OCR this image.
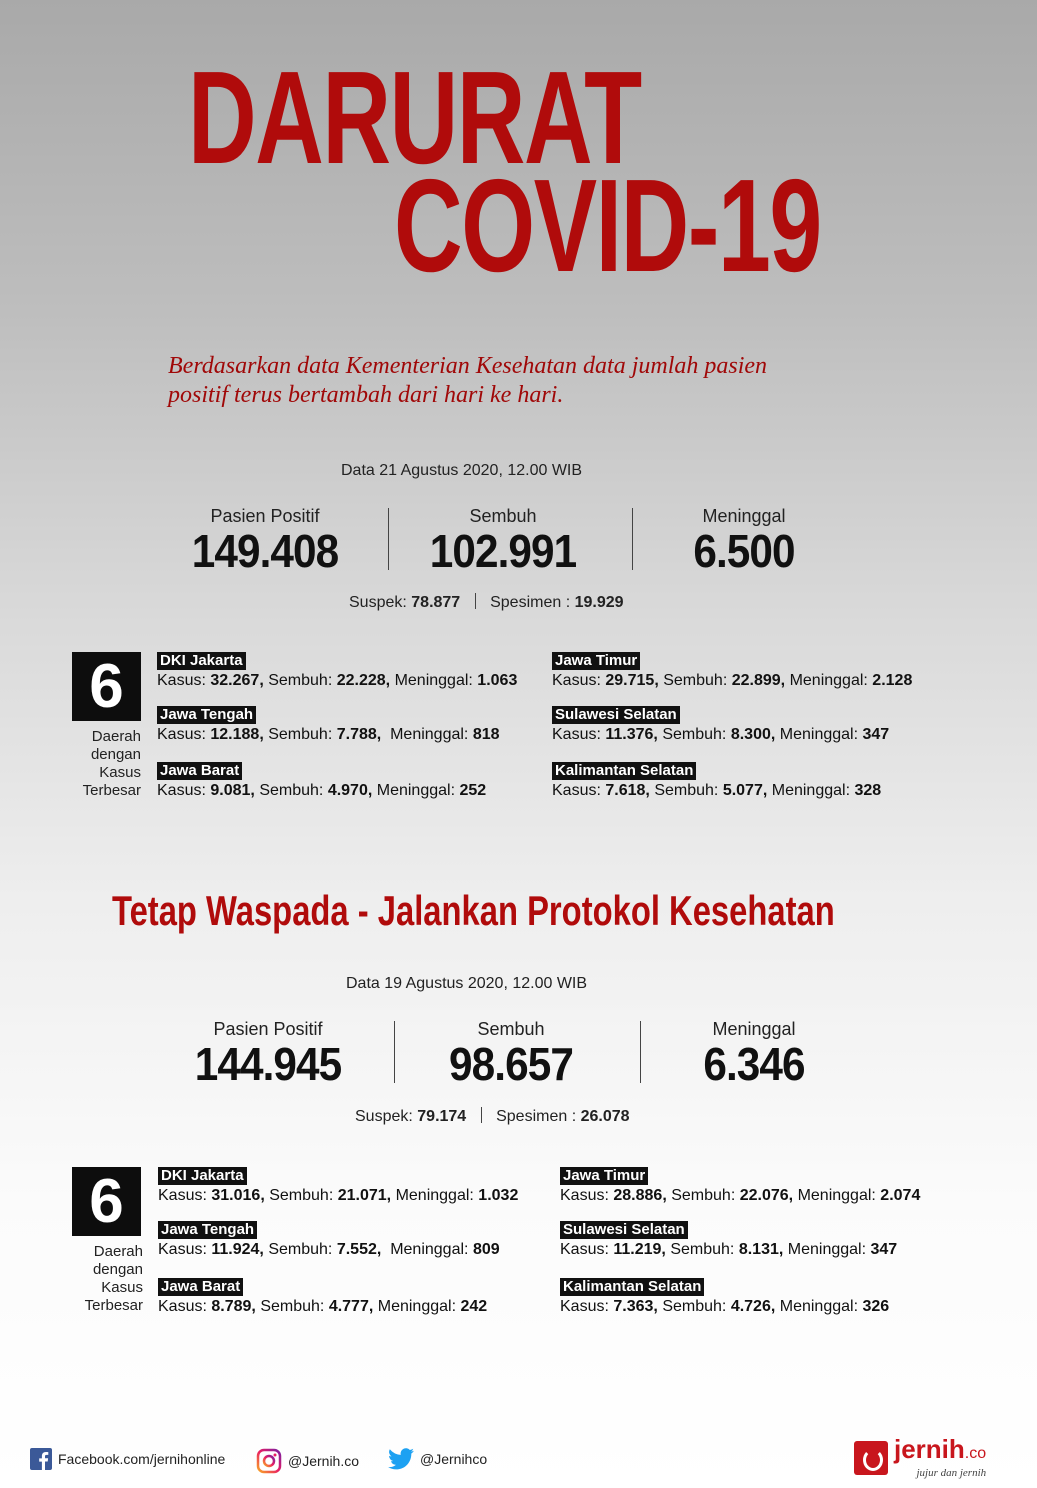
DARURAT
COVID-19
Berdasarkan data Kementerian Kesehatan data jumlah pasien
positif terus bertambah dari hari ke hari.
Data 21 Agustus 2020, 12.00 WIB
Pasien Positif
149.408
Sembuh
102.991
Meninggal
6.500
Suspek: 78.877 Spesimen : 19.929
6
Daerah
dengan
Kasus
Terbesar
DKI Jakarta
Kasus: 32.267, Sembuh: 22.228, Meninggal: 1.063
Jawa Tengah
Kasus: 12.188, Sembuh: 7.788, Meninggal: 818
Jawa Barat
Kasus: 9.081, Sembuh: 4.970, Meninggal: 252
Jawa Timur
Kasus: 29.715, Sembuh: 22.899, Meninggal: 2.128
Sulawesi Selatan
Kasus: 11.376, Sembuh: 8.300, Meninggal: 347
Kalimantan Selatan
Kasus: 7.618, Sembuh: 5.077, Meninggal: 328
Tetap Waspada - Jalankan Protokol Kesehatan
Data 19 Agustus 2020, 12.00 WIB
Pasien Positif
144.945
Sembuh
98.657
Meninggal
6.346
Suspek: 79.174 Spesimen : 26.078
6
Daerah
dengan
Kasus
Terbesar
DKI Jakarta
Kasus: 31.016, Sembuh: 21.071, Meninggal: 1.032
Jawa Tengah
Kasus: 11.924, Sembuh: 7.552, Meninggal: 809
Jawa Barat
Kasus: 8.789, Sembuh: 4.777, Meninggal: 242
Jawa Timur
Kasus: 28.886, Sembuh: 22.076, Meninggal: 2.074
Sulawesi Selatan
Kasus: 11.219, Sembuh: 8.131, Meninggal: 347
Kalimantan Selatan
Kasus: 7.363, Sembuh: 4.726, Meninggal: 326
Facebook.com/jernihonline	@Jernih.co	@Jernihco	jernih.co
jujur dan jernih
